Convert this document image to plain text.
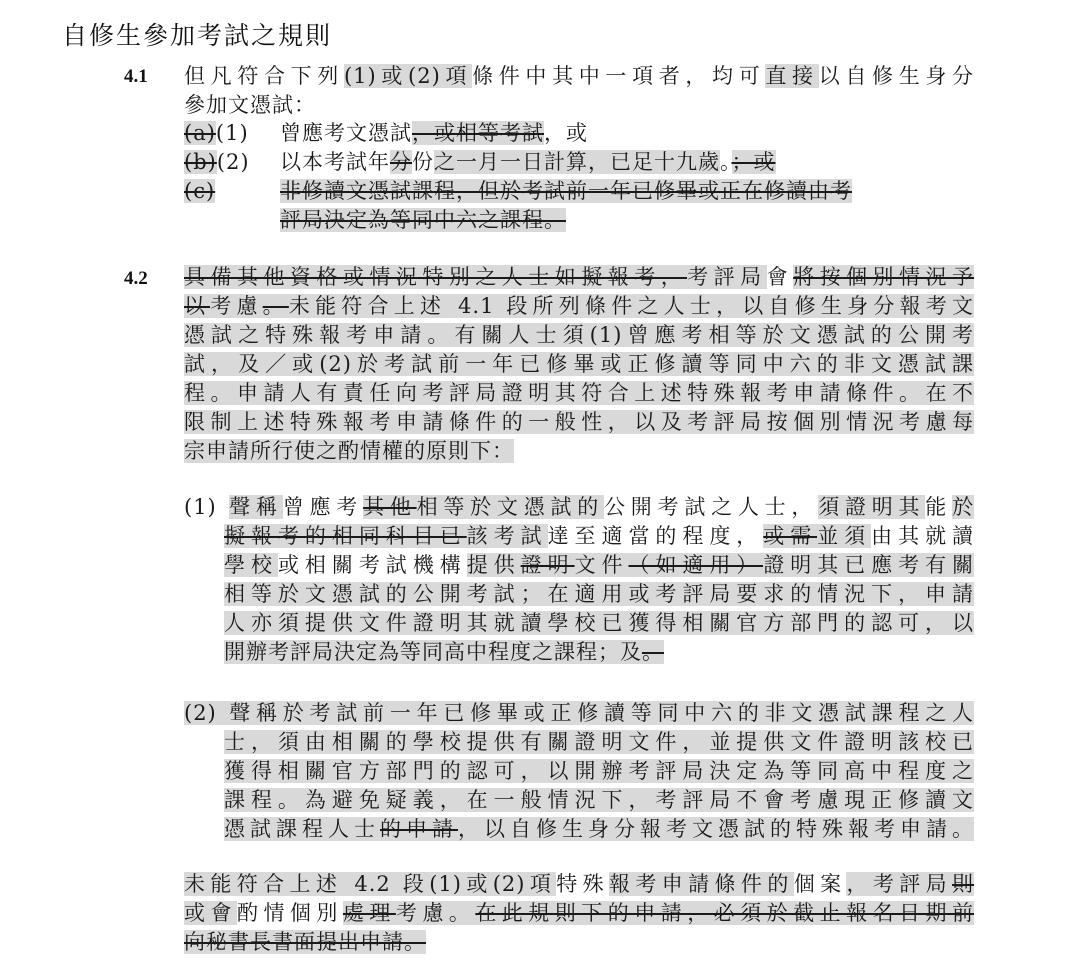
自修生參加考試之規則
4.1 但凡符合下列(1)或(2)項條件中其中一項者，均可直接以自修生身分
參加文憑試：
(a)(1) 曾應考文憑試，或相等考試，或
(b)(2) 以本考試年分份之一月一日計算，已足十九歲。；或
(c)	非修讀文憑試課程，但於考試前一年已修畢或正在修讀由考
評局決定為等同中六之課程。
4.2 具備其他資格或情況特別之人士如擬報考，考評局會將按個別情況予
以考慮。未能符合上述 4.1 段所列條件之人士，以自修生身分報考文
憑試之特殊報考申請。有關人士須(1)曾應考相等於文憑試的公開考
試，及／或(2)於考試前一年已修畢或正修讀等同中六的非文憑試課
程。申請人有責任向考評局證明其符合上述特殊報考申請條件。在不
限制上述特殊報考申請條件的一般性，以及考評局按個別情況考慮每
宗申請所行使之酌情權的原則下：
(1) 聲稱曾應考其他相等於文憑試的公開考試之人士，須證明其能於
擬報考的相同科目已該考試達至適當的程度，或需並須由其就讀
學校或相關考試機構提供證明文件（如適用）證明其已應考有關
相等於文憑試的公開考試；在適用或考評局要求的情況下，申請
人亦須提供文件證明其就讀學校已獲得相關官方部門的認可，以
開辦考評局決定為等同高中程度之課程；及。
(2) 聲稱於考試前一年已修畢或正修讀等同中六的非文憑試課程之人
士，須由相關的學校提供有關證明文件，並提供文件證明該校已
獲得相關官方部門的認可，以開辦考評局決定為等同高中程度之
課程。為避免疑義，在一般情況下，考評局不會考慮現正修讀文
憑試課程人士的申請，以自修生身分報考文憑試的特殊報考申請。
未能符合上述 4.2 段(1)或(2)項特殊報考申請條件的個案，考評局則
或會酌情個別處理考慮。在此規則下的申請，必須於截止報名日期前
向秘書長書面提出申請。
